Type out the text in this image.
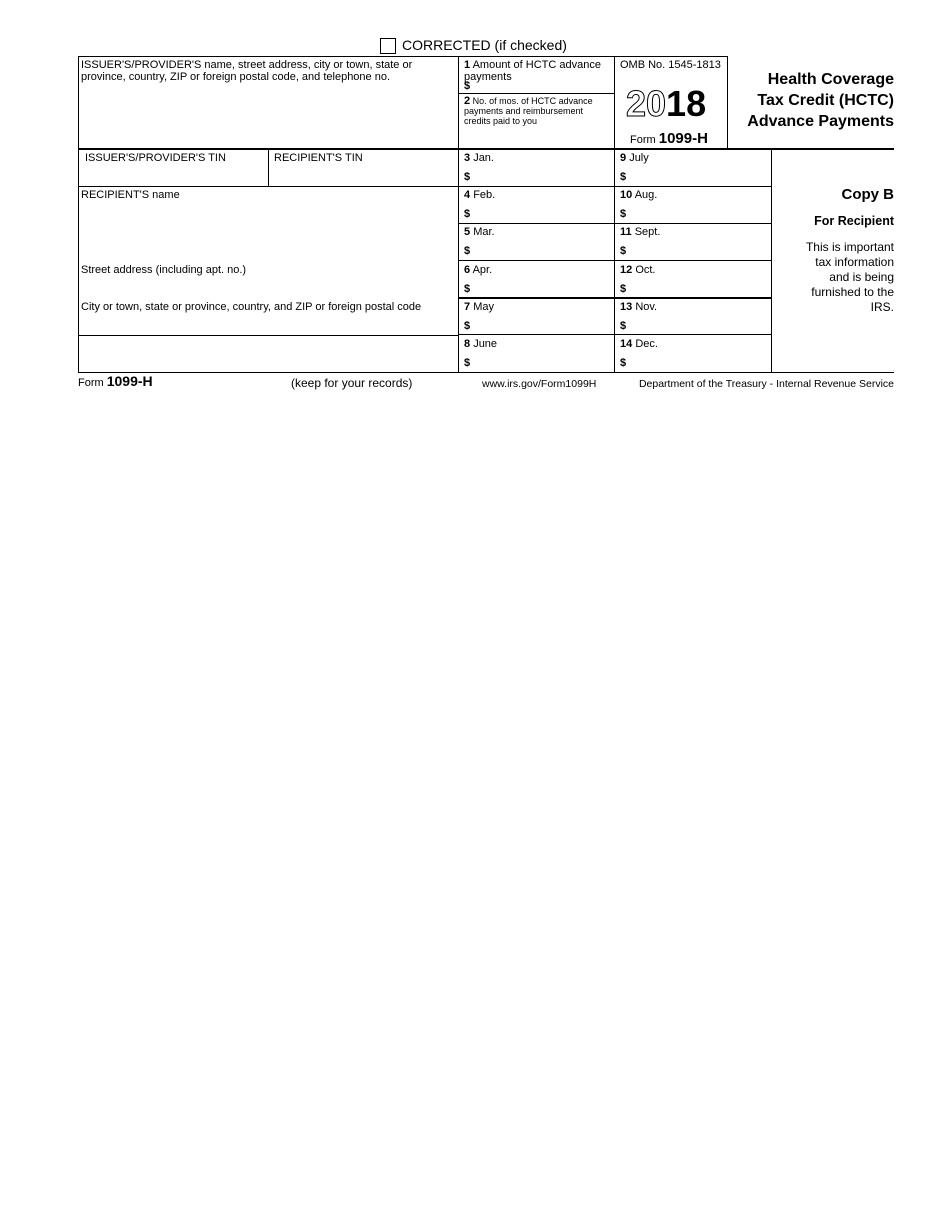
CORRECTED (if checked)
ISSUER'S/PROVIDER'S name, street address, city or town, state or province, country, ZIP or foreign postal code, and telephone no.
1 Amount of HCTC advance payments
$
2 No. of mos. of HCTC advance payments and reimbursement credits paid to you
OMB No. 1545-1813
2018
Form 1099-H
Health Coverage
Tax Credit (HCTC)
Advance Payments
ISSUER'S/PROVIDER'S TIN	RECIPIENT'S TIN
RECIPIENT'S name
Street address (including apt. no.)
City or town, state or province, country, and ZIP or foreign postal code
3 Jan.
$
4 Feb.
$
5 Mar.
$
6 Apr.
$
7 May
$
8 June
$
9 July
$
10 Aug.
$
11 Sept.
$
12 Oct.
$
13 Nov.
$
14 Dec.
$
Copy B
For Recipient
This is important
tax information
and is being
furnished to the
IRS.
Form 1099-H	(keep for your records)	www.irs.gov/Form1099H	Department of the Treasury - Internal Revenue Service
